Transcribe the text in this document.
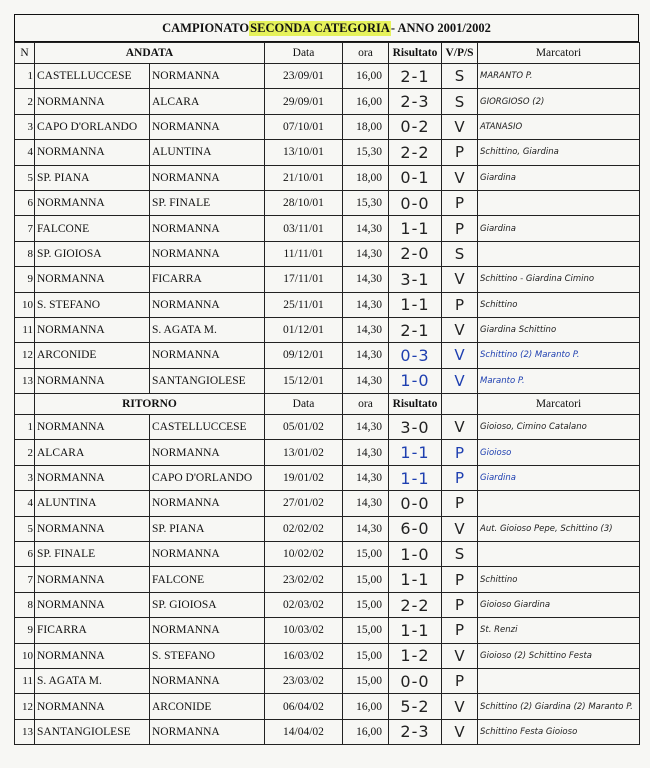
CAMPIONATO SECONDA CATEGORIA - ANNO 2001/2002
N	ANDATA		Data	ora	Risultato	V/P/S	Marcatori
1	CASTELLUCCESE	NORMANNA	23/09/01	16,00	2-1	S	MARANTO P.
2	NORMANNA	ALCARA	29/09/01	16,00	2-3	S	GIORGIOSO (2)
3	CAPO D'ORLANDO	NORMANNA	07/10/01	18,00	0-2	V	ATANASIO
4	NORMANNA	ALUNTINA	13/10/01	15,30	2-2	P	Schittino, Giardina
5	SP. PIANA	NORMANNA	21/10/01	18,00	0-1	V	Giardina
6	NORMANNA	SP. FINALE	28/10/01	15,30	0-0	P	
7	FALCONE	NORMANNA	03/11/01	14,30	1-1	P	Giardina
8	SP. GIOIOSA	NORMANNA	11/11/01	14,30	2-0	S	
9	NORMANNA	FICARRA	17/11/01	14,30	3-1	V	Schittino - Giardina Cimino
10	S. STEFANO	NORMANNA	25/11/01	14,30	1-1	P	Schittino
11	NORMANNA	S. AGATA M.	01/12/01	14,30	2-1	V	Giardina Schittino
12	ARCONIDE	NORMANNA	09/12/01	14,30	0-3	V	Schittino (2) Maranto P.
13	NORMANNA	SANTANGIOLESE	15/12/01	14,30	1-0	V	Maranto P.
	RITORNO		Data	ora	Risultato		Marcatori
1	NORMANNA	CASTELLUCCESE	05/01/02	14,30	3-0	V	Gioioso, Cimino Catalano
2	ALCARA	NORMANNA	13/01/02	14,30	1-1	P	Gioioso
3	NORMANNA	CAPO D'ORLANDO	19/01/02	14,30	1-1	P	Giardina
4	ALUNTINA	NORMANNA	27/01/02	14,30	0-0	P	
5	NORMANNA	SP. PIANA	02/02/02	14,30	6-0	V	Aut. Gioioso Pepe, Schittino (3)
6	SP. FINALE	NORMANNA	10/02/02	15,00	1-0	S	
7	NORMANNA	FALCONE	23/02/02	15,00	1-1	P	Schittino
8	NORMANNA	SP. GIOIOSA	02/03/02	15,00	2-2	P	Gioioso Giardina
9	FICARRA	NORMANNA	10/03/02	15,00	1-1	P	St. Renzi
10	NORMANNA	S. STEFANO	16/03/02	15,00	1-2	V	Gioioso (2) Schittino Festa
11	S. AGATA M.	NORMANNA	23/03/02	15,00	0-0	P	
12	NORMANNA	ARCONIDE	06/04/02	16,00	5-2	V	Schittino (2) Giardina (2) Maranto P.
13	SANTANGIOLESE	NORMANNA	14/04/02	16,00	2-3	V	Schittino Festa Gioioso
